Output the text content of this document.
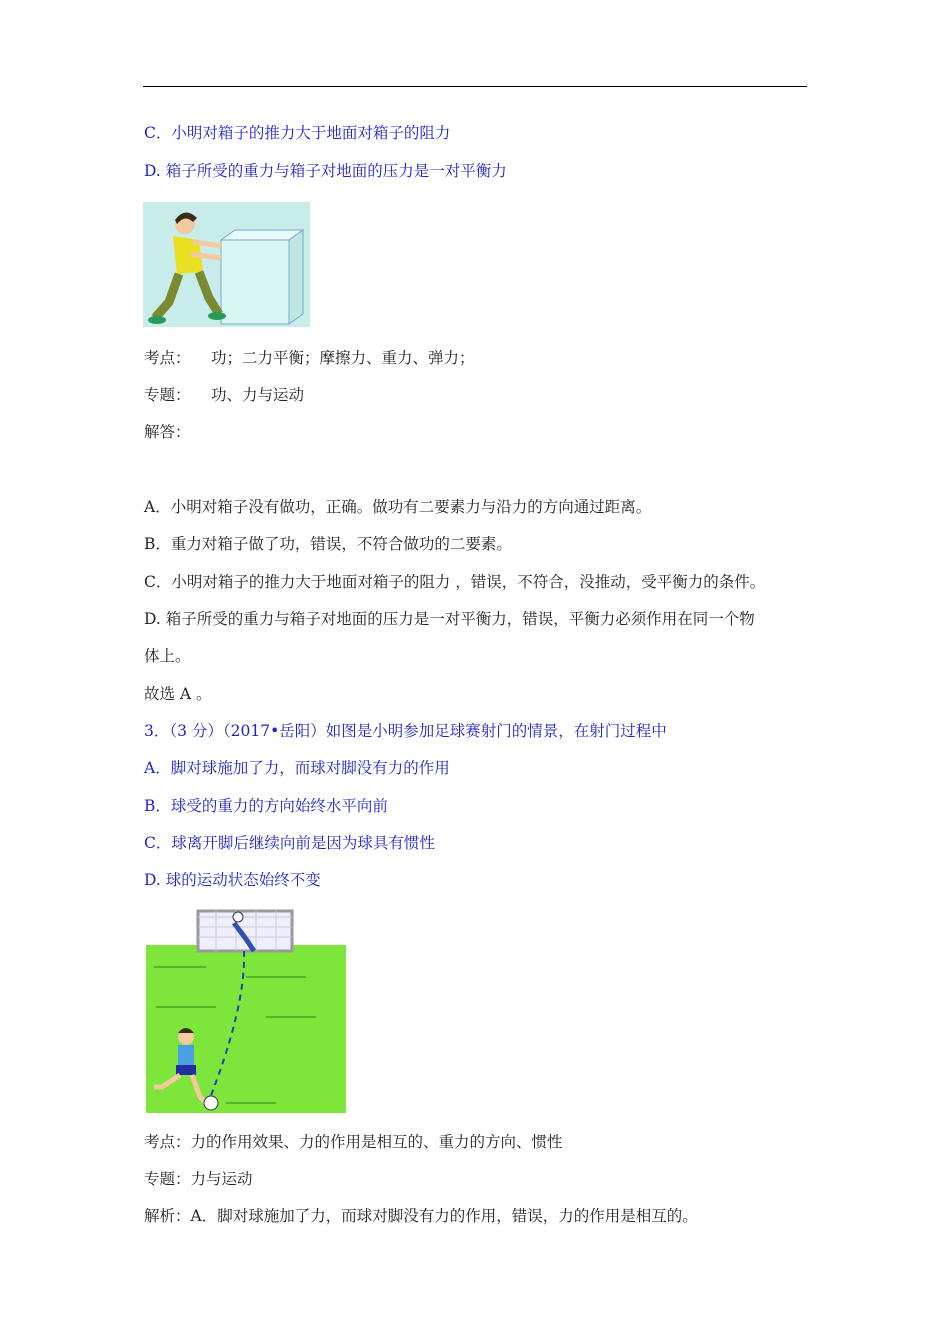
C．小明对箱子的推力大于地面对箱子的阻力
D. 箱子所受的重力与箱子对地面的压力是一对平衡力
考点： 功；二力平衡；摩擦力、重力、弹力；
专题： 功、力与运动
解答：
A．小明对箱子没有做功，正确。做功有二要素力与沿力的方向通过距离。
B．重力对箱子做了功，错误，不符合做功的二要素。
C．小明对箱子的推力大于地面对箱子的阻力 ，错误，不符合，没推动，受平衡力的条件。
D. 箱子所受的重力与箱子对地面的压力是一对平衡力，错误，平衡力必须作用在同一个物
体上。
故选 A 。
3．（3 分）（2017•岳阳）如图是小明参加足球赛射门的情景，在射门过程中
A．脚对球施加了力，而球对脚没有力的作用
B．球受的重力的方向始终水平向前
C．球离开脚后继续向前是因为球具有惯性
D. 球的运动状态始终不变
考点：力的作用效果、力的作用是相互的、重力的方向、惯性
专题：力与运动
解析：A．脚对球施加了力，而球对脚没有力的作用，错误，力的作用是相互的。
